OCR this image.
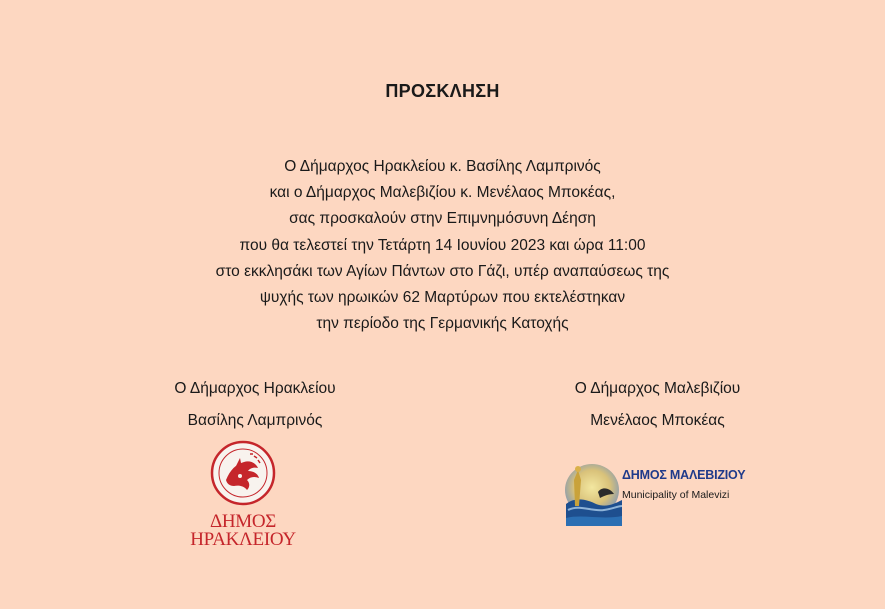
ΠΡΟΣΚΛΗΣΗ
Ο Δήμαρχος Ηρακλείου κ. Βασίλης Λαμπρινός
και ο Δήμαρχος Μαλεβιζίου κ. Μενέλαος Μποκέας,
σας προσκαλούν στην Επιμνημόσυνη Δέηση
που θα τελεστεί την Τετάρτη 14 Ιουνίου 2023 και ώρα 11:00
στο εκκλησάκι των Αγίων Πάντων στο Γάζι, υπέρ αναπαύσεως της
ψυχής των ηρωικών 62 Μαρτύρων που εκτελέστηκαν
την περίοδο της Γερμανικής Κατοχής
Ο Δήμαρχος Ηρακλείου
Βασίλης Λαμπρινός
Ο Δήμαρχος Μαλεβιζίου
Μενέλαος Μποκέας
ΔΗΜΟΣ
ΗΡΑΚΛΕΙΟΥ
ΔΗΜΟΣ ΜΑΛΕΒΙΖΙΟΥ
Municipality of Malevizi
